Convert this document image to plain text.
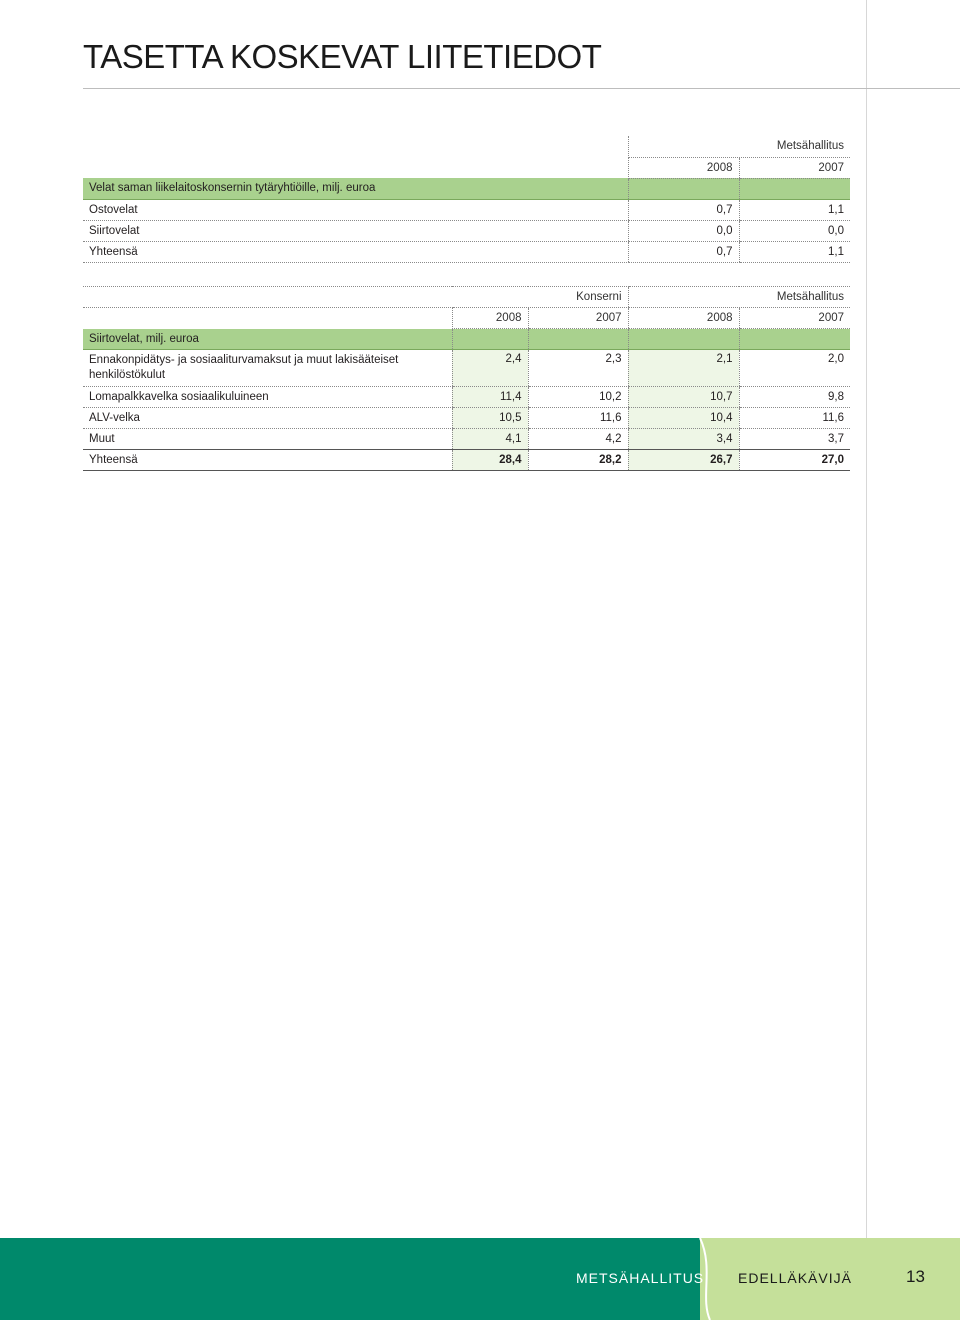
TASETTA KOSKEVAT LIITETIEDOT
	Metsähallitus	
	2008	2007
Velat saman liikelaitoskonsernin tytäryhtiöille, milj. euroa		
Ostovelat	0,7	1,1
Siirtovelat	0,0	0,0
Yhteensä	0,7	1,1
	Konserni		Metsähallitus	
	2008	2007	2008	2007
Siirtovelat, milj. euroa				
Ennakonpidätys- ja sosiaaliturvamaksut ja muut lakisääteiset henkilöstökulut	2,4	2,3	2,1	2,0
Lomapalkkavelka sosiaalikuluineen	11,4	10,2	10,7	9,8
ALV-velka	10,5	11,6	10,4	11,6
Muut	4,1	4,2	3,4	3,7
Yhteensä	28,4	28,2	26,7	27,0
METSÄHALLITUS EDELLÄKÄVIJÄ	13
